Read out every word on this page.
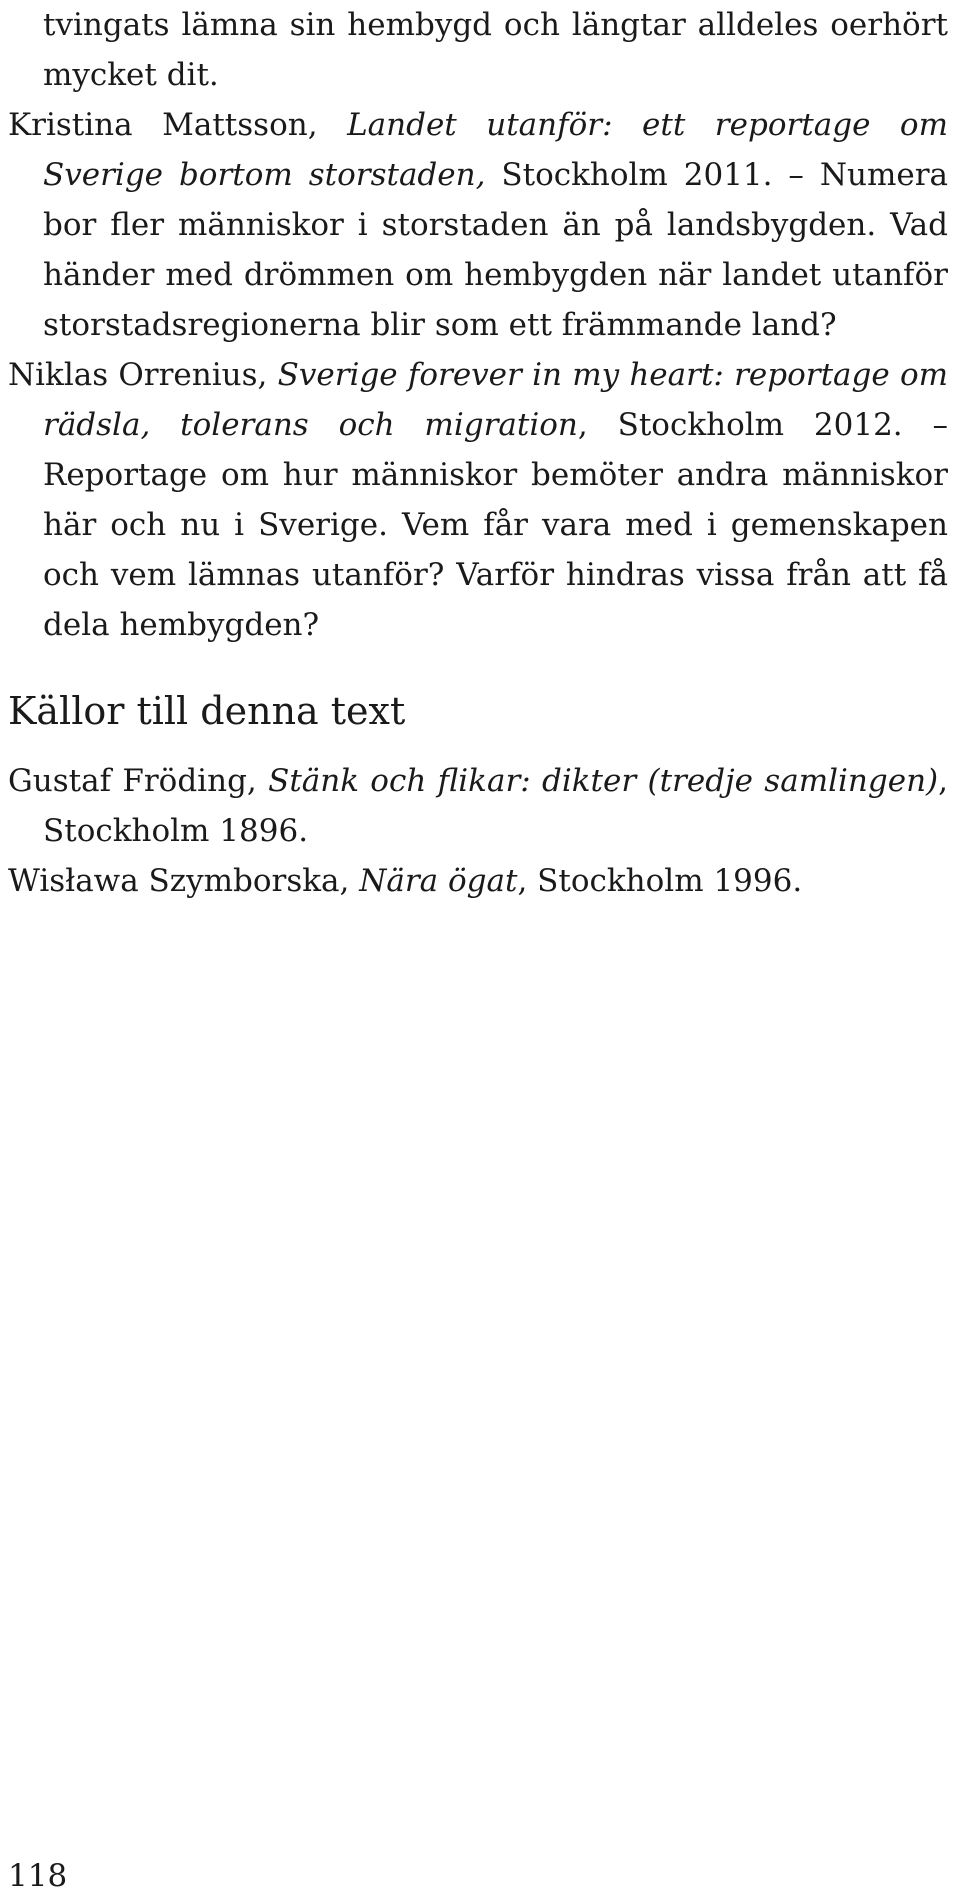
tvingats lämna sin hembygd och längtar alldeles oerhört mycket dit.

Kristina Mattsson, Landet utanför: ett reportage om Sverige bortom storstaden, Stockholm 2011. – Numera bor fler människor i storstaden än på landsbygden. Vad händer med drömmen om hembygden när landet utanför storstadsregionerna blir som ett främmande land?

Niklas Orrenius, Sverige forever in my heart: reportage om rädsla, tolerans och migration, Stockholm 2012. – Reportage om hur människor bemöter andra människor här och nu i Sverige. Vem får vara med i gemenskapen och vem lämnas utanför? Varför hindras vissa från att få dela hembygden?

Källor till denna text

Gustaf Fröding, Stänk och flikar: dikter (tredje samlingen), Stockholm 1896.

Wisława Szymborska, Nära ögat, Stockholm 1996.

118
